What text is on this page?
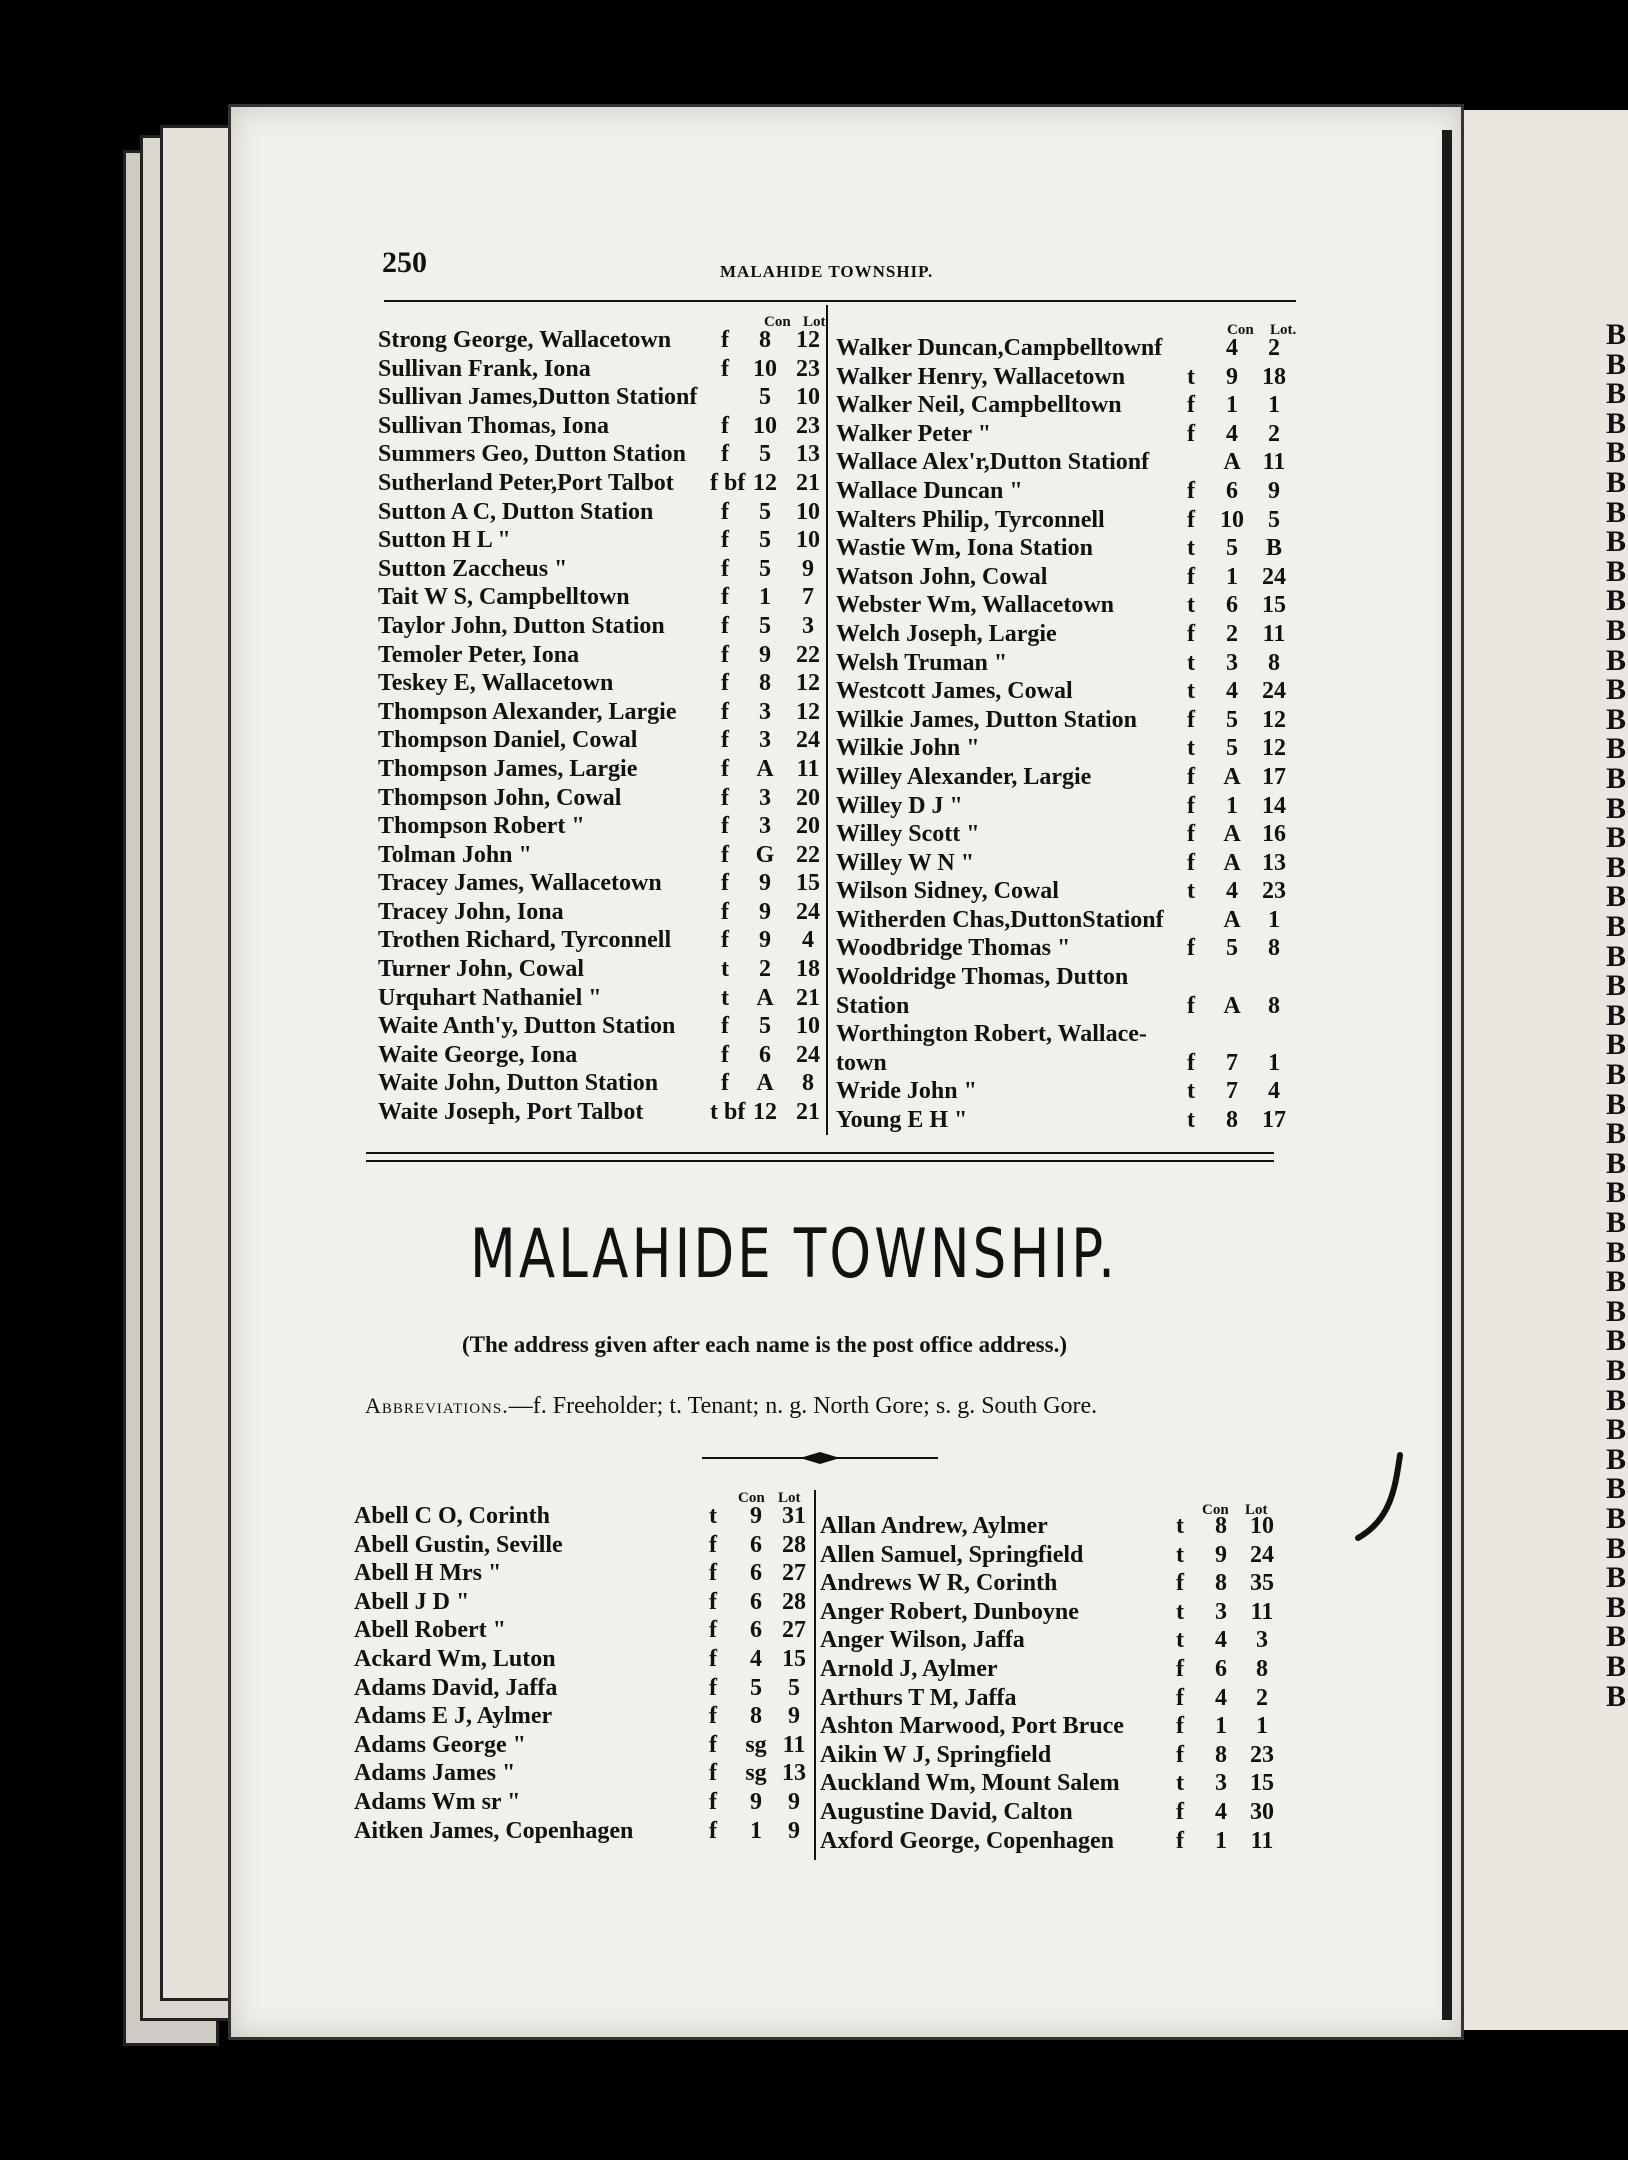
B
B
B
B
B
B
B
B
B
B
B
B
B
B
B
B
B
B
B
B
B
B
B
B
B
B
B
B
B
B
B
B
B
B
B
B
B
B
B
B
B
B
B
B
B
B
B
250	MALAHIDE TOWNSHIP.
Con Lot	Con Lot.
Strong George, Wallacetown	f	8	12
Sullivan Frank, Iona	f	10 23
Sullivan James,Dutton Stationf	5	10
Sullivan Thomas, Iona	f	10 23
Summers Geo, Dutton Station	f	5	13
Sutherland Peter,Port Talbot f bf 12 21
Sutton A C, Dutton Station	f	5	10
Sutton H L "	f	5	10
Sutton Zaccheus "	f	5	9
Tait W S, Campbelltown	f	1	7
Taylor John, Dutton Station	f	5	3
Temoler Peter, Iona	f	9	22
Teskey E, Wallacetown	f	8	12
Thompson Alexander, Largie	f	3	12
Thompson Daniel, Cowal	f	3	24
Thompson James, Largie	f	A 11
Thompson John, Cowal	f	3	20
Thompson Robert "	f	3	20
Tolman John "	f	G 22
Tracey James, Wallacetown	f	9	15
Tracey John, Iona	f	9	24
Trothen Richard, Tyrconnell	f	9	4
Turner John, Cowal	t	2	18
Urquhart Nathaniel "	t	A 21
Waite Anth'y, Dutton Station	f	5	10
Waite George, Iona	f	6	24
Waite John, Dutton Station	f	A	8
Waite Joseph, Port Talbot	t bf 12 21
Walker Duncan,Campbelltownf	4	2
Walker Henry, Wallacetown	t	9	18
Walker Neil, Campbelltown	f	1	1
Walker Peter "	f	4	2
Wallace Alex'r,Dutton Stationf	A 11
Wallace Duncan "	f	6	9
Walters Philip, Tyrconnell	f	10	5
Wastie Wm, Iona Station	t	5	B
Watson John, Cowal	f	1	24
Webster Wm, Wallacetown	t	6	15
Welch Joseph, Largie	f	2	11
Welsh Truman "	t	3	8
Westcott James, Cowal	t	4	24
Wilkie James, Dutton Station	f	5	12
Wilkie John "	t	5	12
Willey Alexander, Largie	f	A 17
Willey D J "	f	1	14
Willey Scott "	f	A 16
Willey W N "	f	A 13
Wilson Sidney, Cowal	t	4	23
Witherden Chas,DuttonStationf	A	1
Woodbridge Thomas "	f	5	8
Wooldridge Thomas, Dutton
Station	f	A	8
Worthington Robert, Wallace-
town	f	7	1
Wride John "	t	7	4
Young E H "	t	8	17
MALAHIDE TOWNSHIP.
(The address given after each name is the post office address.)
Abbreviations.—f. Freeholder; t. Tenant; n. g. North Gore; s. g. South Gore.
Con Lot
Con Lot
Abell C O, Corinth	t	9 31
Abell Gustin, Seville	f	6 28
Abell H Mrs "	f	6 27
Abell J D "	f	6 28
Abell Robert "	f	6 27
Ackard Wm, Luton	f	4 15
Adams David, Jaffa	f	5	5
Adams E J, Aylmer	f	8	9
Adams George "	f	sg 11
Adams James "	f	sg 13
Adams Wm sr "	f	9	9
Aitken James, Copenhagen	f	1	9
Allan Andrew, Aylmer	t	8 10
Allen Samuel, Springfield	t	9 24
Andrews W R, Corinth	f	8 35
Anger Robert, Dunboyne	t	3 11
Anger Wilson, Jaffa	t	4	3
Arnold J, Aylmer	f	6	8
Arthurs T M, Jaffa	f	4	2
Ashton Marwood, Port Bruce	f	1	1
Aikin W J, Springfield	f	8 23
Auckland Wm, Mount Salem	t	3 15
Augustine David, Calton	f	4 30
Axford George, Copenhagen	f	1 11
